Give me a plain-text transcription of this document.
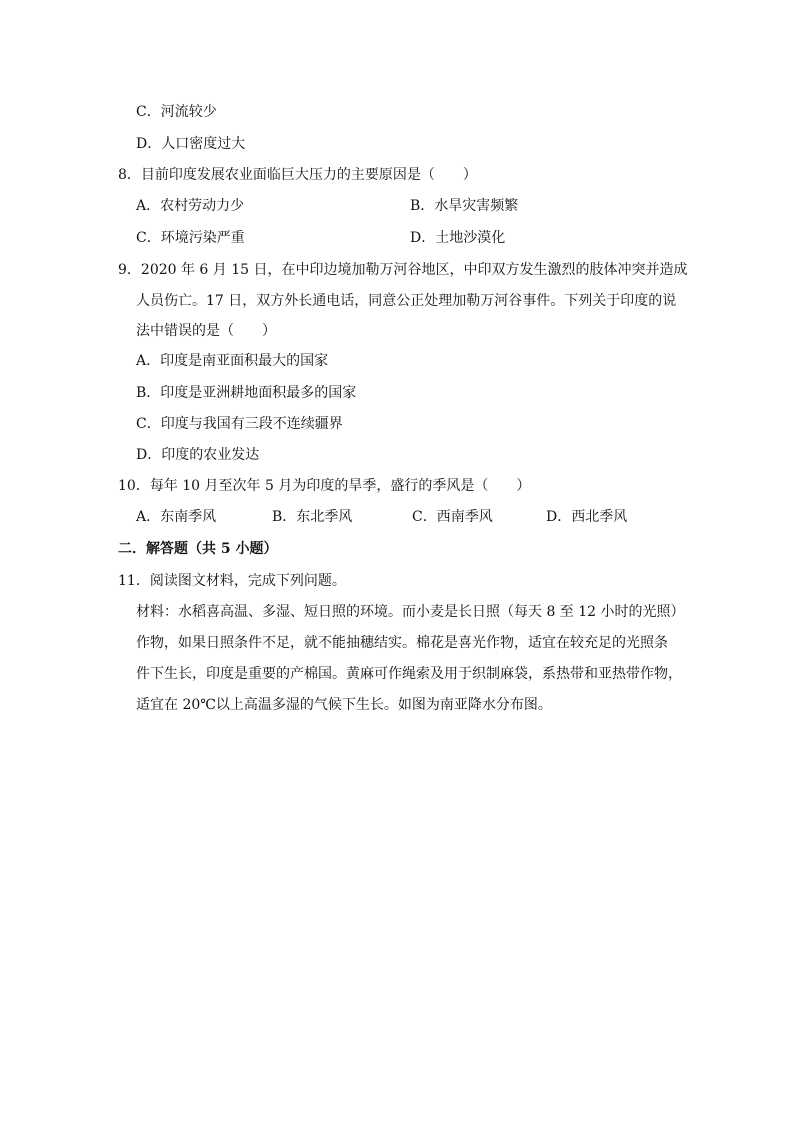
C．河流较少
D．人口密度过大
8．目前印度发展农业面临巨大压力的主要原因是（　　）
A．农村劳动力少	B．水旱灾害频繁
C．环境污染严重	D．土地沙漠化
9．2020 年 6 月 15 日，在中印边境加勒万河谷地区，中印双方发生激烈的肢体冲突并造成
人员伤亡。17 日，双方外长通电话，同意公正处理加勒万河谷事件。下列关于印度的说
法中错误的是（　　）
A．印度是南亚面积最大的国家
B．印度是亚洲耕地面积最多的国家
C．印度与我国有三段不连续疆界
D．印度的农业发达
10．每年 10 月至次年 5 月为印度的旱季，盛行的季风是（　　）
A．东南季风	B．东北季风	C．西南季风	D．西北季风
二．解答题（共 5 小题）
11．阅读图文材料，完成下列问题。
材料：水稻喜高温、多湿、短日照的环境。而小麦是长日照（每天 8 至 12 小时的光照）
作物，如果日照条件不足，就不能抽穗结实。棉花是喜光作物，适宜在较充足的光照条
件下生长，印度是重要的产棉国。黄麻可作绳索及用于织制麻袋，系热带和亚热带作物，
适宜在 20℃以上高温多湿的气候下生长。如图为南亚降水分布图。
